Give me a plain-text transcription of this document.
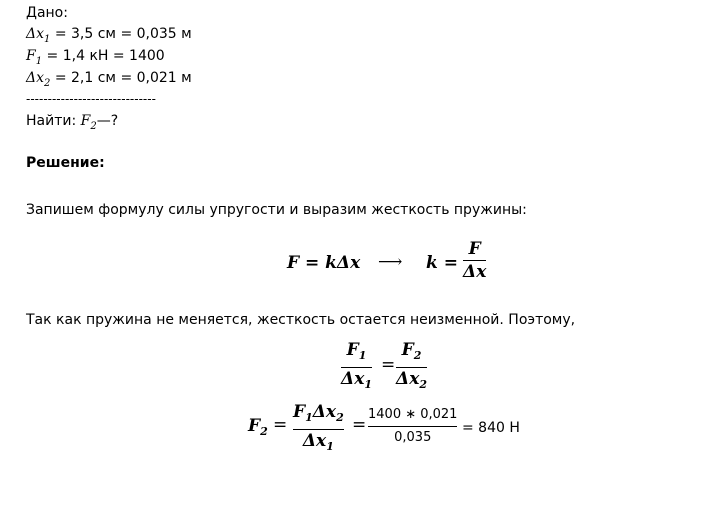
Дано:
$\Delta x_1 = 3,5$ см = 0,035 м
$F_1 = 1,4$ кН = 1400
$\Delta x_2 = 2,1$ см = 0,021 м
------------------------------
Найти: $F_2—$?
Решение:
Запишем формулу силы упругости и выразим жесткость пружины:
F = kΔx ⟶ k =
F
Δx
Так как пружина не меняется, жесткость остается неизменной. Поэтому,
$F_1$
$\Delta x_1$
=
$F_2$
$\Delta x_2$
$F_2$ =
$F_1\Delta x_2$
$\Delta x_1$
=
1400 ∗ 0,021
0,035
= 840 Н
